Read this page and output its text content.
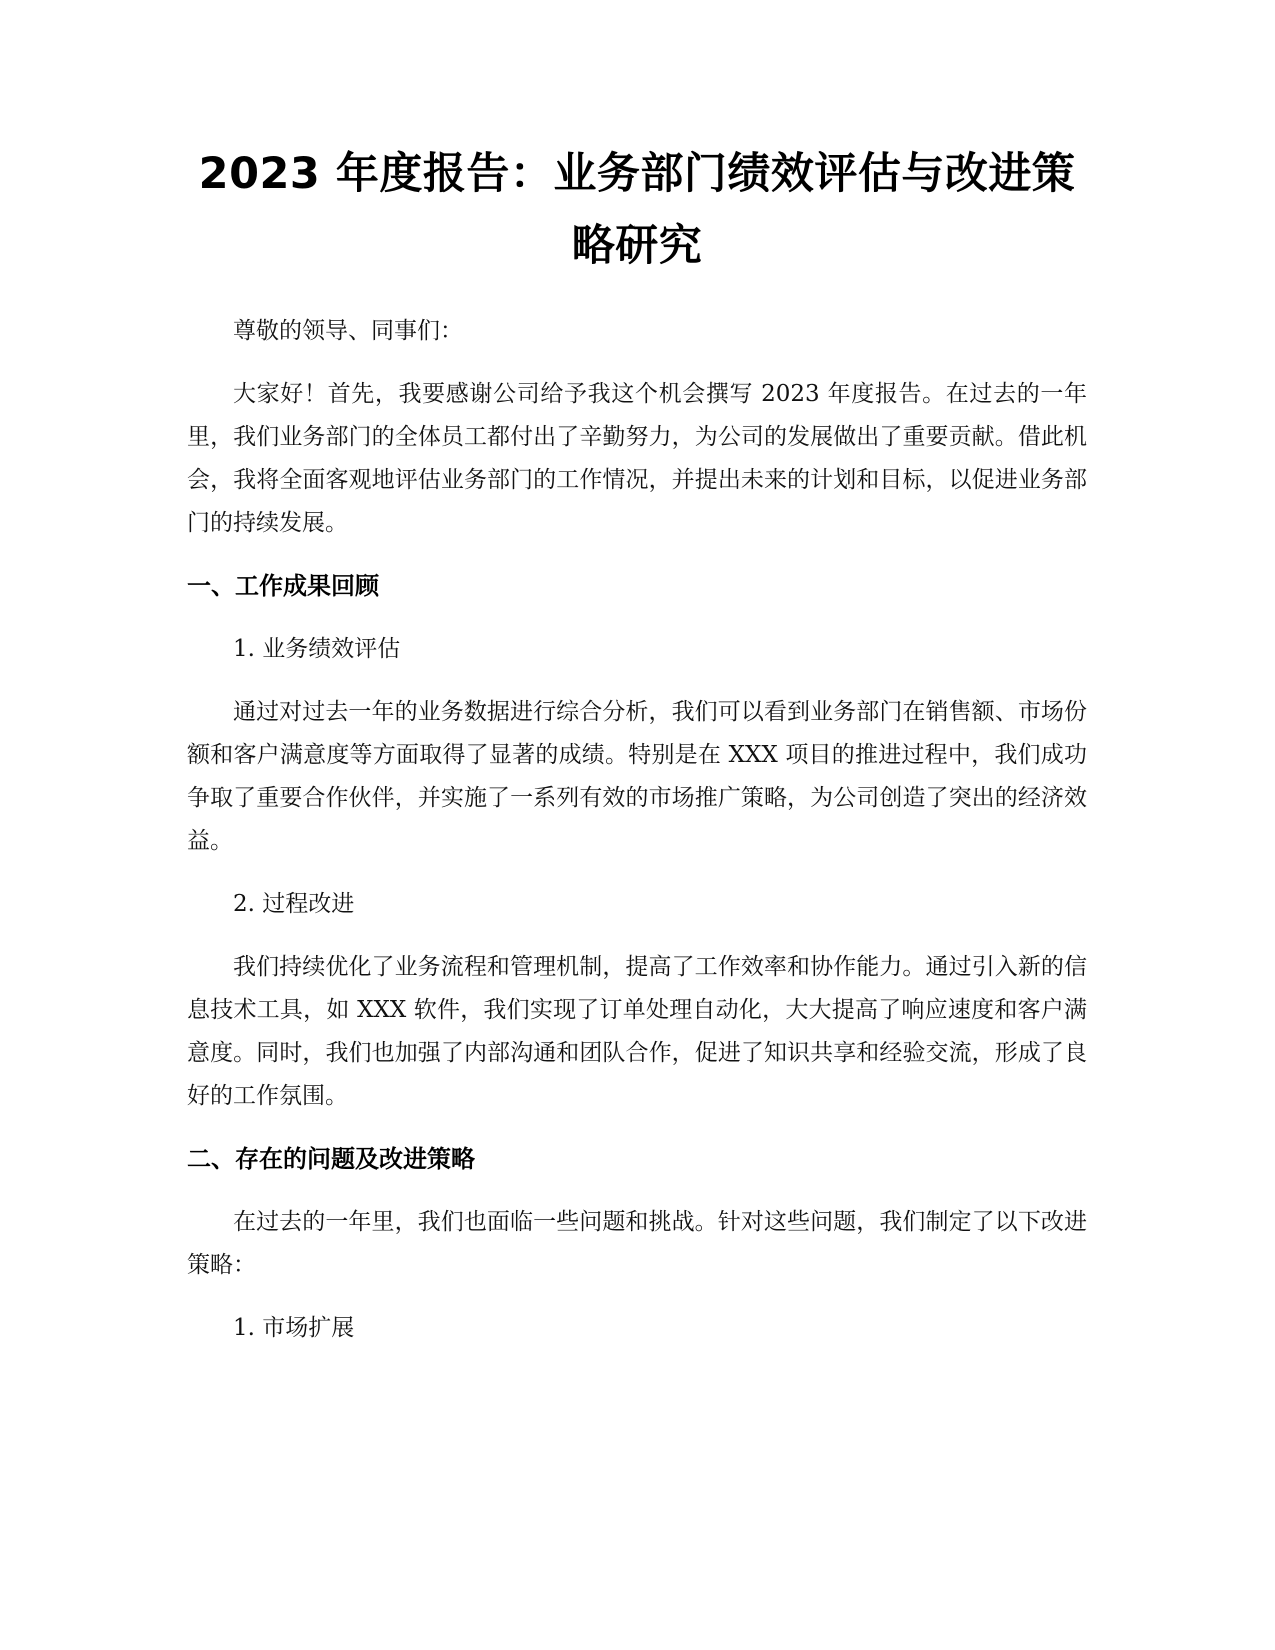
2023 年度报告：业务部门绩效评估与改进策略研究

尊敬的领导、同事们：

大家好！首先，我要感谢公司给予我这个机会撰写 2023 年度报告。在过去的一年里，我们业务部门的全体员工都付出了辛勤努力，为公司的发展做出了重要贡献。借此机会，我将全面客观地评估业务部门的工作情况，并提出未来的计划和目标，以促进业务部门的持续发展。

一、工作成果回顾

1. 业务绩效评估

通过对过去一年的业务数据进行综合分析，我们可以看到业务部门在销售额、市场份额和客户满意度等方面取得了显著的成绩。特别是在 XXX 项目的推进过程中，我们成功争取了重要合作伙伴，并实施了一系列有效的市场推广策略，为公司创造了突出的经济效益。

2. 过程改进

我们持续优化了业务流程和管理机制，提高了工作效率和协作能力。通过引入新的信息技术工具，如 XXX 软件，我们实现了订单处理自动化，大大提高了响应速度和客户满意度。同时，我们也加强了内部沟通和团队合作，促进了知识共享和经验交流，形成了良好的工作氛围。

二、存在的问题及改进策略

在过去的一年里，我们也面临一些问题和挑战。针对这些问题，我们制定了以下改进策略：

1. 市场扩展
